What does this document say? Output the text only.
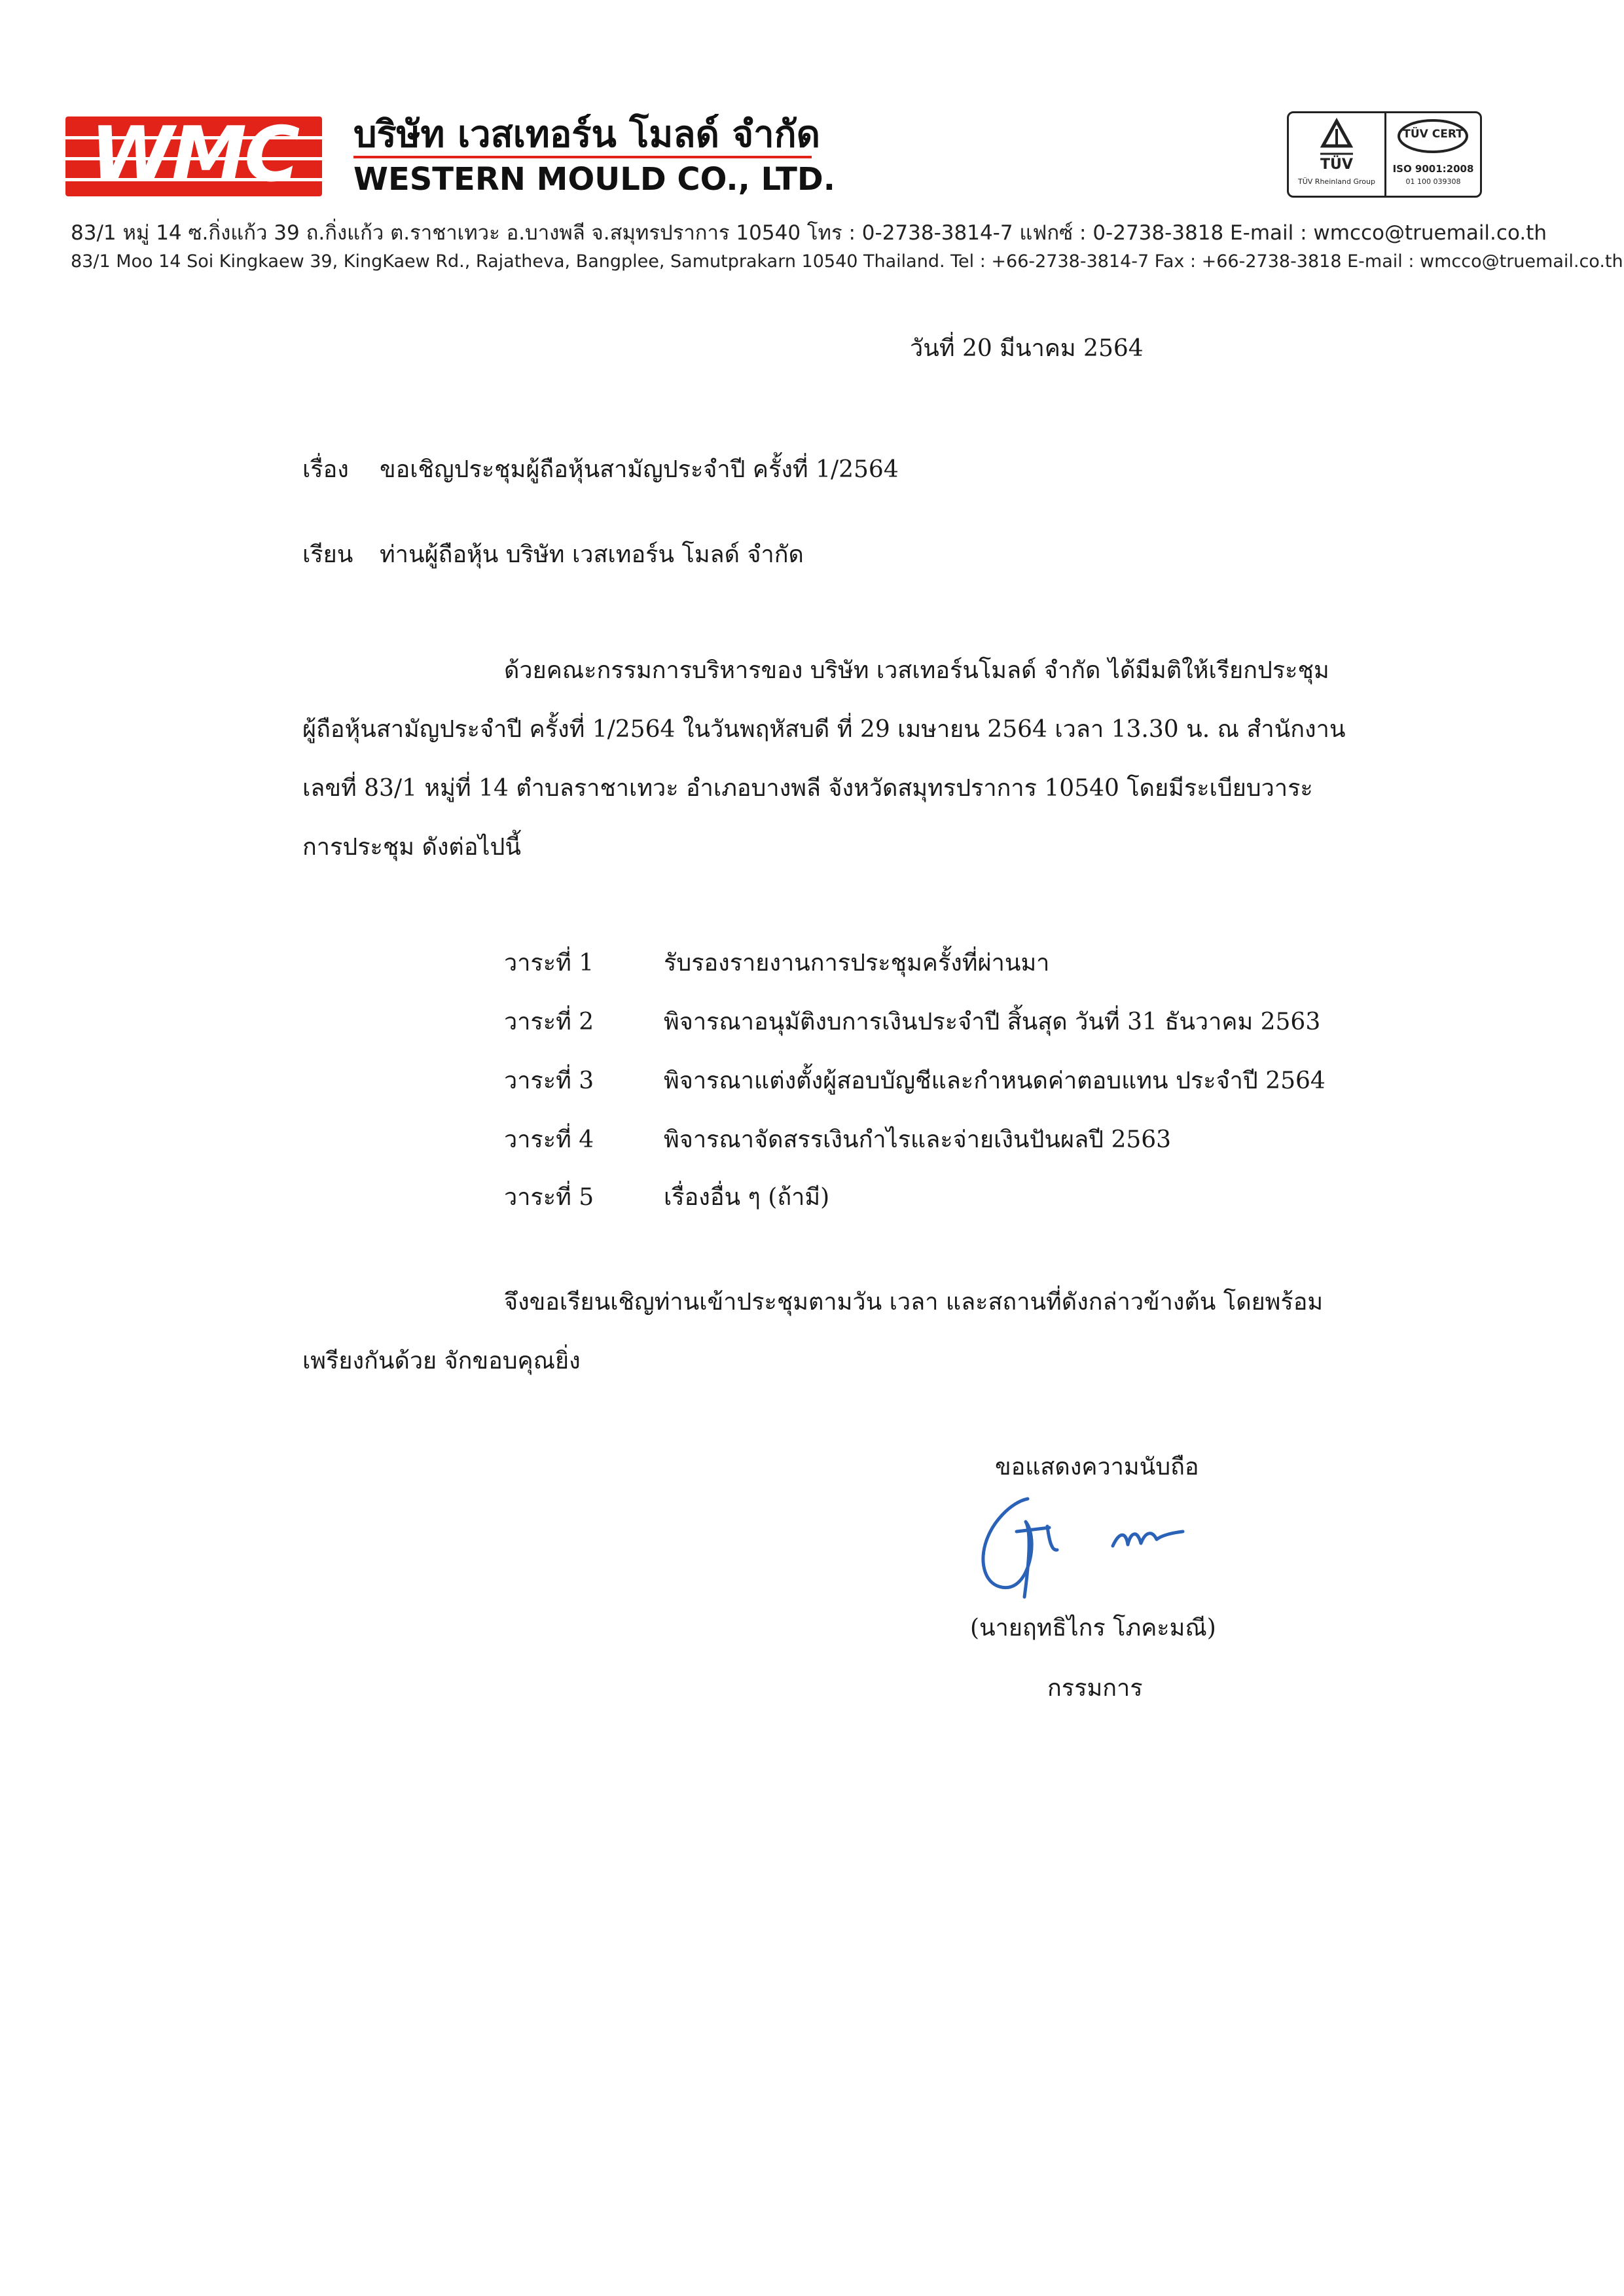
WMC	บริษัท เวสเทอร์น โมลด์ จำกัด
WESTERN MOULD CO., LTD.	TÜV
TÜV Rheinland Group
TÜV CERT
ISO 9001:2008
01 100 039308
83/1 หมู่ 14 ซ.กิ่งแก้ว 39 ถ.กิ่งแก้ว ต.ราชาเทวะ อ.บางพลี จ.สมุทรปราการ 10540 โทร : 0-2738-3814-7 แฟกซ์ : 0-2738-3818 E-mail : wmcco@truemail.co.th
83/1 Moo 14 Soi Kingkaew 39, KingKaew Rd., Rajatheva, Bangplee, Samutprakarn 10540 Thailand. Tel : +66-2738-3814-7 Fax : +66-2738-3818 E-mail : wmcco@truemail.co.th
วันที่ 20 มีนาคม 2564
เรื่อง ขอเชิญประชุมผู้ถือหุ้นสามัญประจำปี ครั้งที่ 1/2564
เรียน ท่านผู้ถือหุ้น บริษัท เวสเทอร์น โมลด์ จำกัด
ด้วยคณะกรรมการบริหารของ บริษัท เวสเทอร์นโมลด์ จำกัด ได้มีมติให้เรียกประชุม
ผู้ถือหุ้นสามัญประจำปี ครั้งที่ 1/2564 ในวันพฤหัสบดี ที่ 29 เมษายน 2564 เวลา 13.30 น. ณ สำนักงาน
เลขที่ 83/1 หมู่ที่ 14 ตำบลราชาเทวะ อำเภอบางพลี จังหวัดสมุทรปราการ 10540 โดยมีระเบียบวาระ
การประชุม ดังต่อไปนี้
วาระที่ 1	รับรองรายงานการประชุมครั้งที่ผ่านมา
วาระที่ 2	พิจารณาอนุมัติงบการเงินประจำปี สิ้นสุด วันที่ 31 ธันวาคม 2563
วาระที่ 3	พิจารณาแต่งตั้งผู้สอบบัญชีและกำหนดค่าตอบแทน ประจำปี 2564
วาระที่ 4	พิจารณาจัดสรรเงินกำไรและจ่ายเงินปันผลปี 2563
วาระที่ 5	เรื่องอื่น ๆ (ถ้ามี)
จึงขอเรียนเชิญท่านเข้าประชุมตามวัน เวลา และสถานที่ดังกล่าวข้างต้น โดยพร้อม
เพรียงกันด้วย จักขอบคุณยิ่ง
ขอแสดงความนับถือ
(นายฤทธิไกร โภคะมณี)
กรรมการ
